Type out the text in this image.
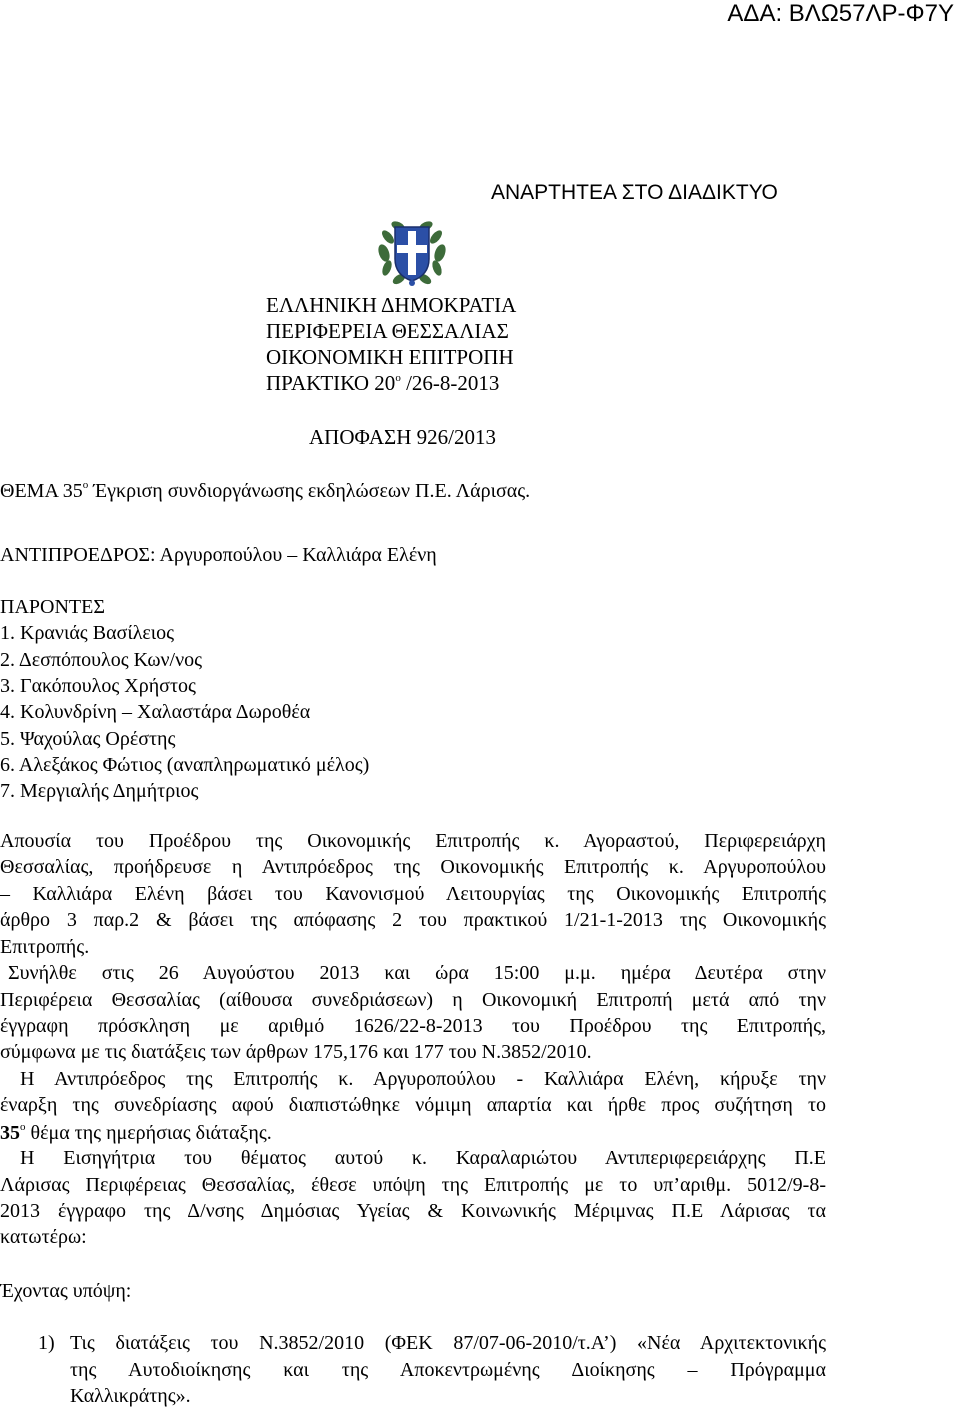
ΑΔΑ: ΒΛΩ57ΛΡ-Φ7Υ
ΑΝΑΡΤΗΤΕΑ ΣΤΟ ΔΙΑΔΙΚΤΥΟ
ΕΛΛΗΝΙΚΗ ΔΗΜΟΚΡΑΤΙΑ
ΠΕΡΙΦΕΡΕΙΑ ΘΕΣΣΑΛΙΑΣ
ΟΙΚΟΝΟΜΙΚΗ ΕΠΙΤΡΟΠΗ
ΠΡΑΚΤΙΚΟ $20^o$ /26-8-2013
ΑΠΟΦΑΣΗ 926/2013
ΘΕΜΑ $35^o$ Έγκριση συνδιοργάνωσης εκδηλώσεων Π.Ε. Λάρισας.
ΑΝΤΙΠΡΟΕΔΡΟΣ: Αργυροπούλου – Καλλιάρα Ελένη
ΠΑΡΟΝΤΕΣ
1. Κρανιάς Βασίλειος
2. Δεσπόπουλος Κων/νος
3. Γακόπουλος Χρήστος
4. Κολυνδρίνη – Χαλαστάρα Δωροθέα
5. Ψαχούλας Ορέστης
6. Αλεξάκος Φώτιος (αναπληρωματικό μέλος)
7. Μεργιαλής Δημήτριος
Απουσία του Προέδρου της Οικονομικής Επιτροπής κ. Αγοραστού, Περιφερειάρχη
Θεσσαλίας, προήδρευσε η Αντιπρόεδρος της Οικονομικής Επιτροπής κ. Αργυροπούλου
– Καλλιάρα Ελένη βάσει του Κανονισμού Λειτουργίας της Οικονομικής Επιτροπής
άρθρο 3 παρ.2 & βάσει της απόφασης 2 του πρακτικού 1/21-1-2013 της Οικονομικής
Επιτροπής.
Συνήλθε στις 26 Αυγούστου 2013 και ώρα 15:00 μ.μ. ημέρα Δευτέρα στην
Περιφέρεια Θεσσαλίας (αίθουσα συνεδριάσεων) η Οικονομική Επιτροπή μετά από την
έγγραφη πρόσκληση με αριθμό 1626/22-8-2013 του Προέδρου της Επιτροπής,
σύμφωνα με τις διατάξεις των άρθρων 175,176 και 177 του Ν.3852/2010.
Η Αντιπρόεδρος της Επιτροπής κ. Αργυροπούλου - Καλλιάρα Ελένη, κήρυξε την
έναρξη της συνεδρίασης αφού διαπιστώθηκε νόμιμη απαρτία και ήρθε προς συζήτηση το
$35^o$ θέμα της ημερήσιας διάταξης.
Η Εισηγήτρια του θέματος αυτού κ. Καραλαριώτου Αντιπεριφερειάρχης Π.Ε
Λάρισας Περιφέρειας Θεσσαλίας, έθεσε υπόψη της Επιτροπής με το υπ’αριθμ. 5012/9-8-
2013 έγγραφο της Δ/νσης Δημόσιας Υγείας & Κοινωνικής Μέριμνας Π.Ε Λάρισας τα
κατωτέρω:
Έχοντας υπόψη:
1) Τις διατάξεις του Ν.3852/2010 (ΦΕΚ 87/07-06-2010/τ.Α’) «Νέα Αρχιτεκτονικής
της Αυτοδιοίκησης και της Αποκεντρωμένης Διοίκησης – Πρόγραμμα
Καλλικράτης».
